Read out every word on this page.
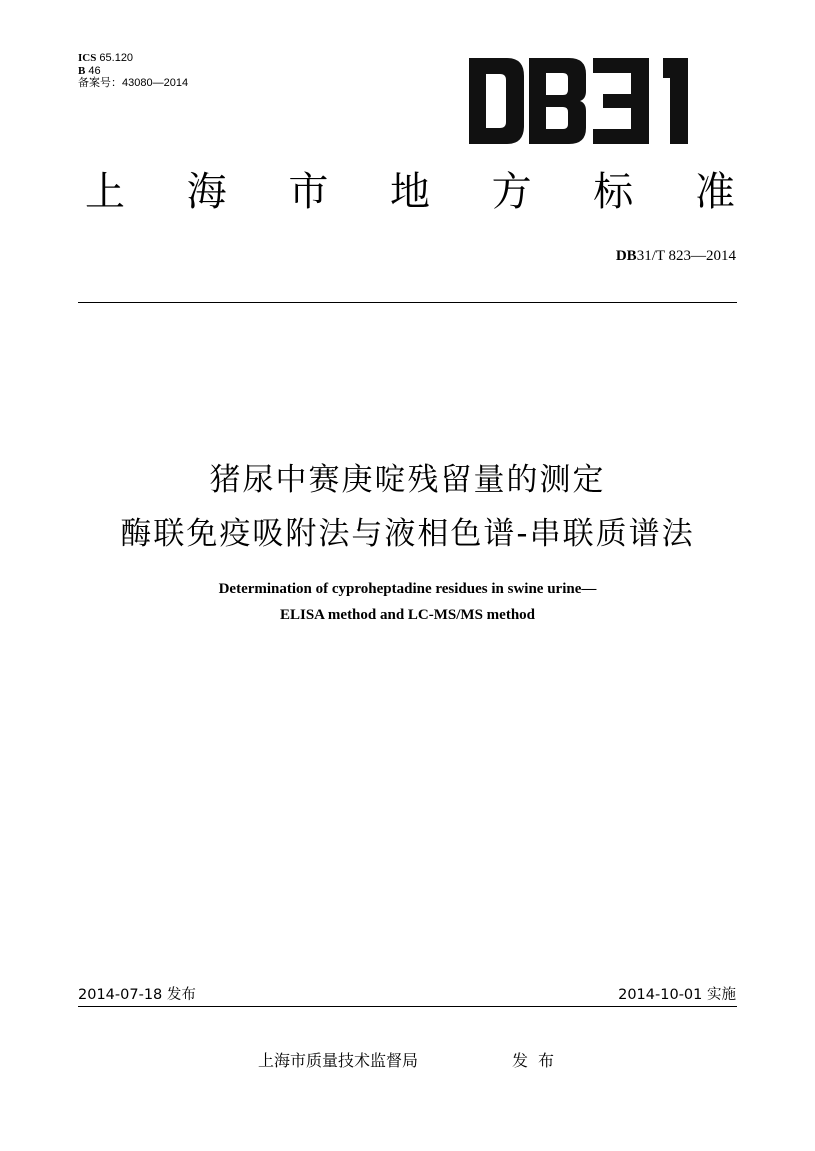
ICS 65.120
B 46
备案号：43080—2014
上 海 市 地 方 标 准
DB31/T 823—2014
猪尿中赛庚啶残留量的测定
酶联免疫吸附法与液相色谱-串联质谱法
Determination of cyproheptadine residues in swine urine—
ELISA method and LC-MS/MS method
2014-07-18 发布	2014-10-01 实施
上海市质量技术监督局	发布
